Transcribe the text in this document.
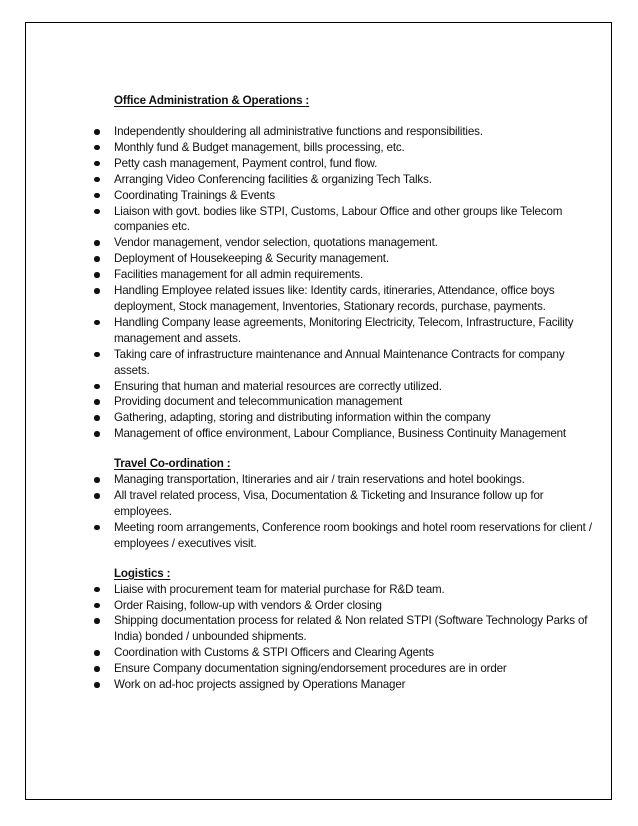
Office Administration & Operations :

Independently shouldering all administrative functions and responsibilities.
Monthly fund & Budget management, bills processing, etc.
Petty cash management, Payment control, fund flow.
Arranging Video Conferencing facilities & organizing Tech Talks.
Coordinating Trainings & Events
Liaison with govt. bodies like STPI, Customs, Labour Office and other groups like Telecom companies etc.
Vendor management, vendor selection, quotations management.
Deployment of Housekeeping & Security management.
Facilities management for all admin requirements.
Handling Employee related issues like: Identity cards, itineraries, Attendance, office boys deployment, Stock management, Inventories, Stationary records, purchase, payments.
Handling Company lease agreements, Monitoring Electricity, Telecom, Infrastructure, Facility management and assets.
Taking care of infrastructure maintenance and Annual Maintenance Contracts for company assets.
Ensuring that human and material resources are correctly utilized.
Providing document and telecommunication management
Gathering, adapting, storing and distributing information within the company
Management of office environment, Labour Compliance, Business Continuity Management

Travel Co-ordination :

Managing transportation, Itineraries and air / train reservations and hotel bookings.
All travel related process, Visa, Documentation & Ticketing and Insurance follow up for employees.
Meeting room arrangements, Conference room bookings and hotel room reservations for client / employees / executives visit.

Logistics :

Liaise with procurement team for material purchase for R&D team.
Order Raising, follow-up with vendors & Order closing
Shipping documentation process for related & Non related STPI (Software Technology Parks of India) bonded / unbounded shipments.
Coordination with Customs & STPI Officers and Clearing Agents
Ensure Company documentation signing/endorsement procedures are in order
Work on ad-hoc projects assigned by Operations Manager
